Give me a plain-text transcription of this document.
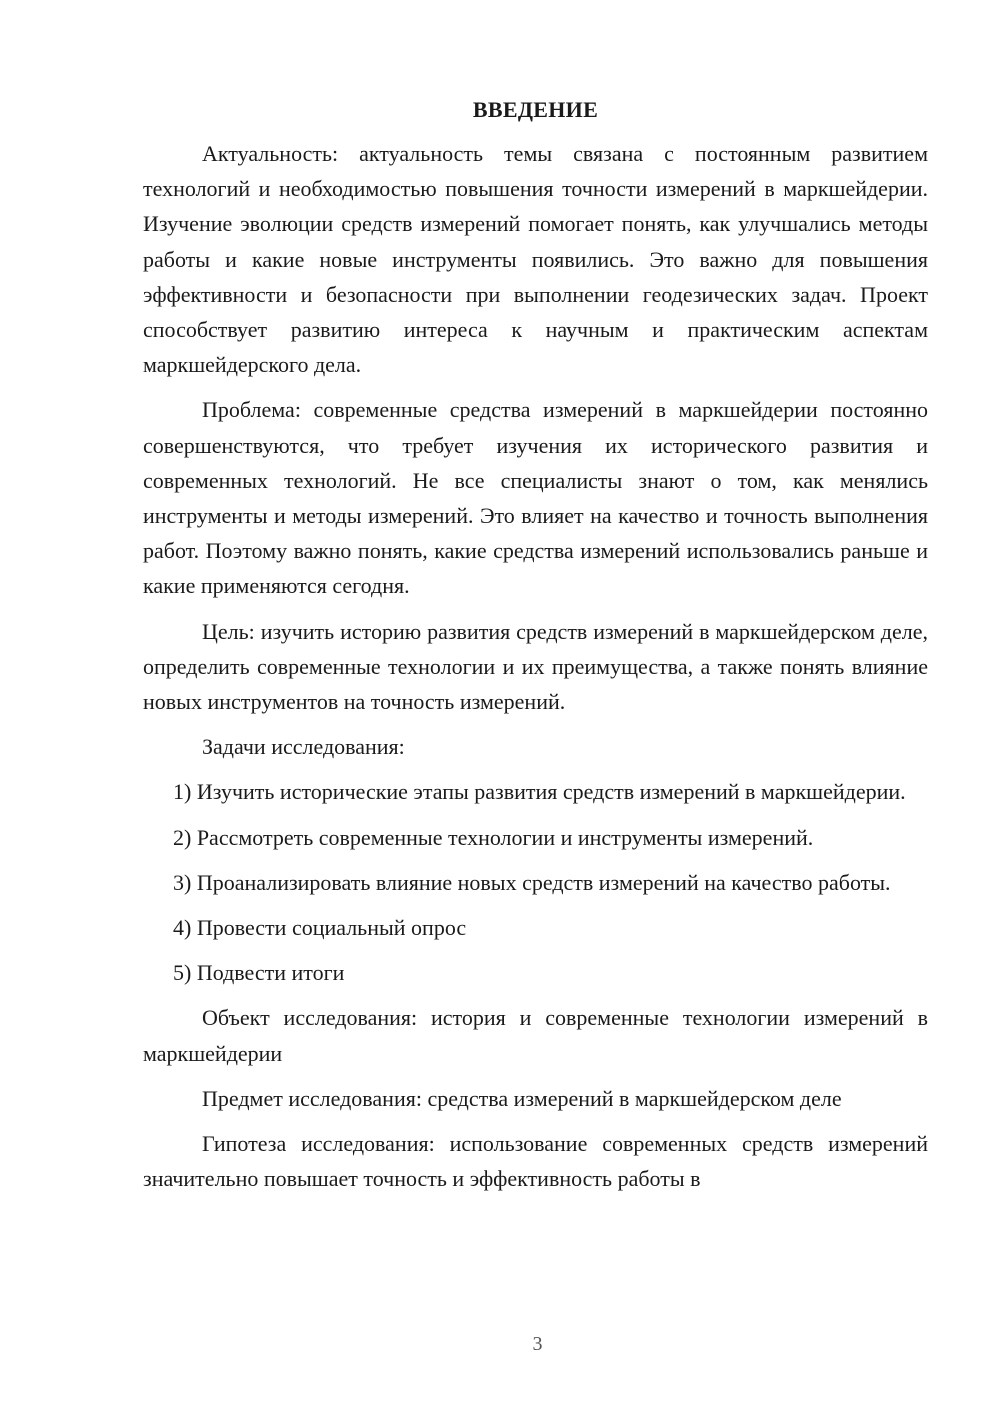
ВВЕДЕНИЕ

Актуальность: актуальность темы связана с постоянным развитием технологий и необходимостью повышения точности измерений в маркшейдерии. Изучение эволюции средств измерений помогает понять, как улучшались методы работы и какие новые инструменты появились. Это важно для повышения эффективности и безопасности при выполнении геодезических задач. Проект способствует развитию интереса к научным и практическим аспектам маркшейдерского дела.

Проблема: современные средства измерений в маркшейдерии постоянно совершенствуются, что требует изучения их исторического развития и современных технологий. Не все специалисты знают о том, как менялись инструменты и методы измерений. Это влияет на качество и точность выполнения работ. Поэтому важно понять, какие средства измерений использовались раньше и какие применяются сегодня.

Цель: изучить историю развития средств измерений в маркшейдерском деле, определить современные технологии и их преимущества, а также понять влияние новых инструментов на точность измерений.

Задачи исследования:

1) Изучить исторические этапы развития средств измерений в маркшейдерии.

2) Рассмотреть современные технологии и инструменты измерений.

3) Проанализировать влияние новых средств измерений на качество работы.

4) Провести социальный опрос

5) Подвести итоги

Объект исследования: история и современные технологии измерений в маркшейдерии

Предмет исследования: средства измерений в маркшейдерском деле

Гипотеза исследования: использование современных средств измерений значительно повышает точность и эффективность работы в

3
